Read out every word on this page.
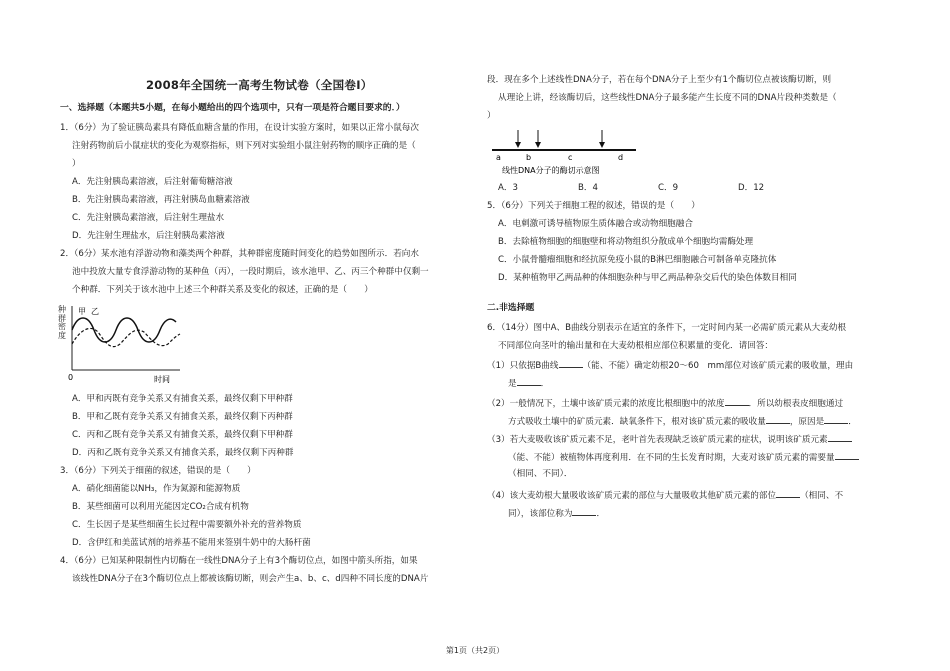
2008年全国统一高考生物试卷（全国卷Ⅰ）
一、选择题（本题共5小题，在每小题给出的四个选项中，只有一项是符合题目要求的．）
1．（6分）为了验证胰岛素具有降低血糖含量的作用，在设计实验方案时，如果以正常小鼠每次
注射药物前后小鼠症状的变化为观察指标，则下列对实验组小鼠注射药物的顺序正确的是（
）
A．先注射胰岛素溶液，后注射葡萄糖溶液
B．先注射胰岛素溶液，再注射胰岛血糖素溶液
C．先注射胰岛素溶液，后注射生理盐水
D．先注射生理盐水，后注射胰岛素溶液
2．（6分）某水池有浮游动物和藻类两个种群，其种群密度随时间变化的趋势如图所示．若向水
池中投放大量专食浮游动物的某种鱼（丙），一段时期后，该水池甲、乙、丙三个种群中仅剩一
个种群．下列关于该水池中上述三个种群关系及变化的叙述，正确的是（　　）
甲 乙
0	时间
种群密度
A．甲和丙既有竞争关系又有捕食关系，最终仅剩下甲种群
B．甲和乙既有竞争关系又有捕食关系，最终仅剩下丙种群
C．丙和乙既有竞争关系又有捕食关系，最终仅剩下甲种群
D．丙和乙既有竞争关系又有捕食关系，最终仅剩下丙种群
3．（6分）下列关于细菌的叙述，错误的是（　　）
A．硝化细菌能以NH₃，作为氮源和能源物质
B．某些细菌可以利用光能因定CO₂合成有机物
C．生长因子是某些细菌生长过程中需要额外补充的营养物质
D．含伊红和美蓝试剂的培养基不能用来签别牛奶中的大肠杆菌
4．（6分）已知某种限制性内切酶在一线性DNA分子上有3个酶切位点，如图中箭头所指，如果
该线性DNA分子在3个酶切位点上都被该酶切断，则会产生a、b、c、d四种不同长度的DNA片
段．现在多个上述线性DNA分子，若在每个DNA分子上至少有1个酶切位点被该酶切断，则
从理论上讲，经该酶切后，这些线性DNA分子最多能产生长度不同的DNA片段种类数是（
）
a	b	c	d
线性DNA分子的酶切示意图
A．3	B．4	C．9	D．12
5．（6分）下列关于细胞工程的叙述，错误的是（　　）
A．电刺激可诱导植物原生质体融合或动物细胞融合
B．去除植物细胞的细胞壁和将动物组织分散成单个细胞均需酶处理
C．小鼠骨髓瘤细胞和经抗原免疫小鼠的B淋巴细胞融合可制备单克隆抗体
D．某种植物甲乙两品种的体细胞杂种与甲乙两品种杂交后代的染色体数目相同
二.非选择题
6．（14分）图中A、B曲线分别表示在适宜的条件下，一定时间内某一必需矿质元素从大麦幼根
不同部位向茎叶的输出量和在大麦幼根相应部位积累量的变化．请回答：
（1）只依据B曲线	（能、不能）确定幼根20～60　mm部位对该矿质元素的吸收量，理由
是	．
（2）一般情况下，土壤中该矿质元素的浓度比根细胞中的浓度	．所以幼根表皮细胞通过
方式吸收土壤中的矿质元素．缺氧条件下，根对该矿质元素的吸收量	，原因是	．
（3）若大麦吸收该矿质元素不足，老叶首先表现缺乏该矿质元素的症状，说明该矿质元素
（能、不能）被植物体再度利用．在不同的生长发育时期，大麦对该矿质元素的需要量
（相同、不同）．
（4）该大麦幼根大量吸收该矿质元素的部位与大量吸收其他矿质元素的部位	（相同、不
同），该部位称为	．
第1页（共2页）
